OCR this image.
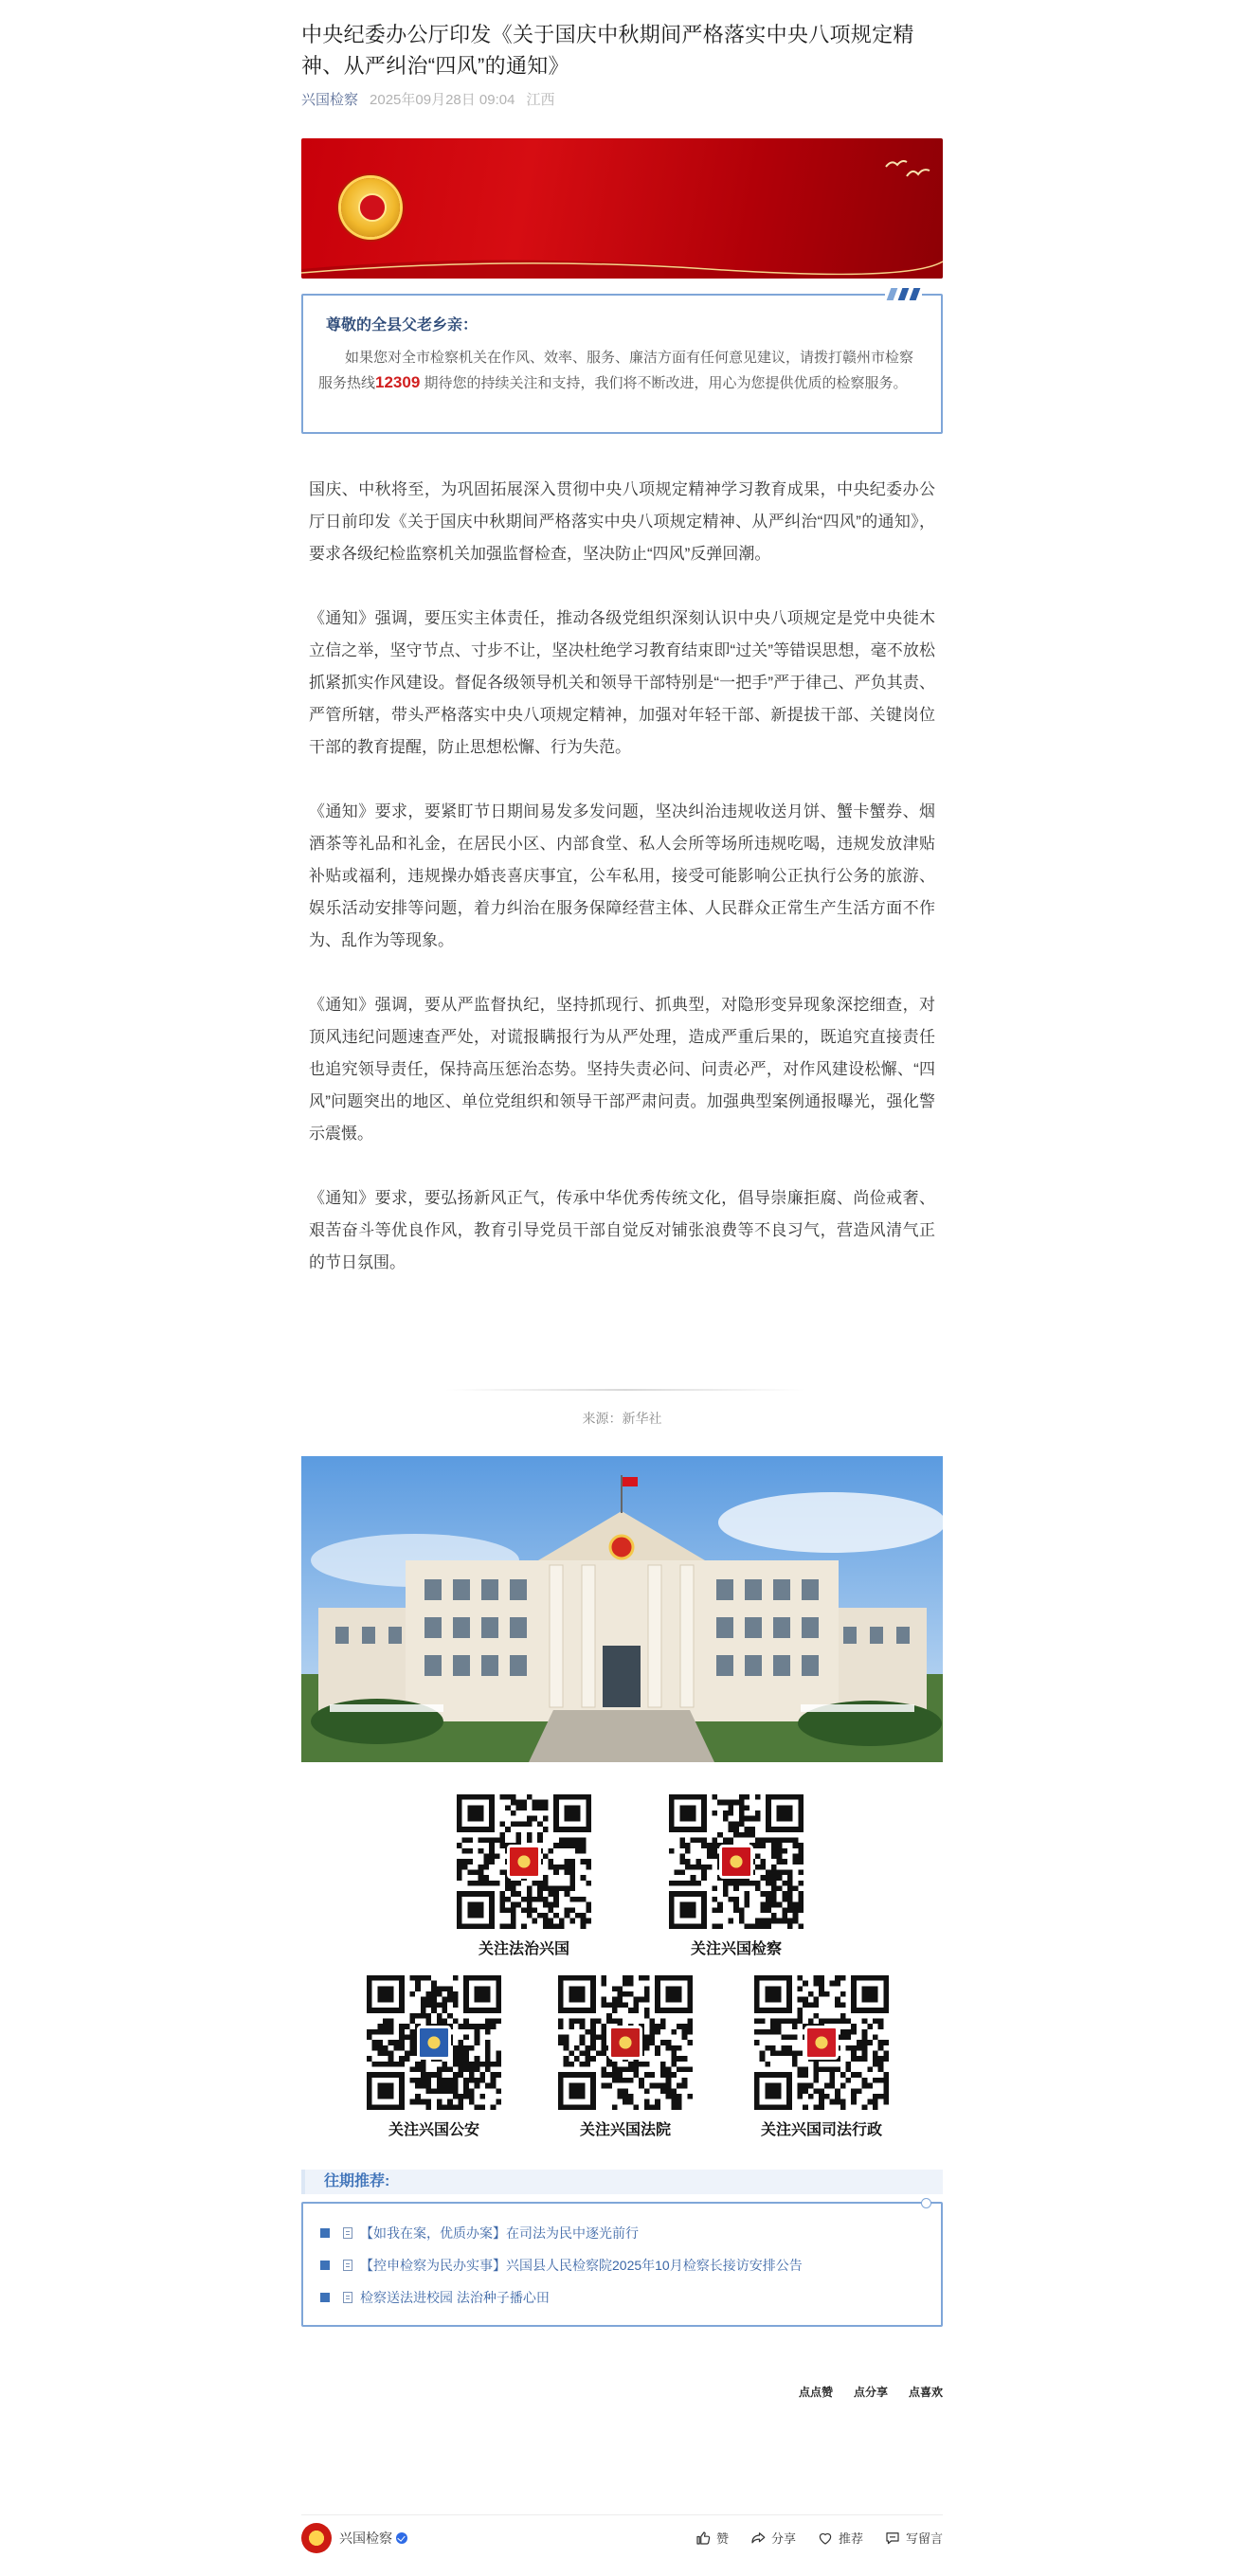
中央纪委办公厅印发《关于国庆中秋期间严格落实中央八项规定精神、从严纠治“四风”的通知》
兴国检察 2025年09月28日 09:04 江西
尊敬的全县父老乡亲：
如果您对全市检察机关在作风、效率、服务、廉洁方面有任何意见建议，请拨打赣州市检察服务热线12309 期待您的持续关注和支持，我们将不断改进，用心为您提供优质的检察服务。

国庆、中秋将至，为巩固拓展深入贯彻中央八项规定精神学习教育成果，中央纪委办公厅日前印发《关于国庆中秋期间严格落实中央八项规定精神、从严纠治“四风”的通知》，要求各级纪检监察机关加强监督检查，坚决防止“四风”反弹回潮。

《通知》强调，要压实主体责任，推动各级党组织深刻认识中央八项规定是党中央徙木立信之举，坚守节点、寸步不让，坚决杜绝学习教育结束即“过关”等错误思想，毫不放松抓紧抓实作风建设。督促各级领导机关和领导干部特别是“一把手”严于律己、严负其责、严管所辖，带头严格落实中央八项规定精神，加强对年轻干部、新提拔干部、关键岗位干部的教育提醒，防止思想松懈、行为失范。

《通知》要求，要紧盯节日期间易发多发问题，坚决纠治违规收送月饼、蟹卡蟹券、烟酒茶等礼品和礼金，在居民小区、内部食堂、私人会所等场所违规吃喝，违规发放津贴补贴或福利，违规操办婚丧喜庆事宜，公车私用，接受可能影响公正执行公务的旅游、娱乐活动安排等问题，着力纠治在服务保障经营主体、人民群众正常生产生活方面不作为、乱作为等现象。

《通知》强调，要从严监督执纪，坚持抓现行、抓典型，对隐形变异现象深挖细查，对顶风违纪问题速查严处，对谎报瞒报行为从严处理，造成严重后果的，既追究直接责任也追究领导责任，保持高压惩治态势。坚持失责必问、问责必严，对作风建设松懈、“四风”问题突出的地区、单位党组织和领导干部严肃问责。加强典型案例通报曝光，强化警示震慑。

《通知》要求，要弘扬新风正气，传承中华优秀传统文化，倡导崇廉拒腐、尚俭戒奢、艰苦奋斗等优良作风，教育引导党员干部自觉反对铺张浪费等不良习气，营造风清气正的节日氛围。

来源：新华社
关注法治兴国	关注兴国检察
关注兴国公安	关注兴国法院	关注兴国司法行政
往期推荐:
【如我在案，优质办案】在司法为民中逐光前行
【控申检察为民办实事】兴国县人民检察院2025年10月检察长接访安排公告
检察送法进校园 法治种子播心田
点点赞 点分享 点喜欢
兴国检察	赞	分享	推荐	写留言
